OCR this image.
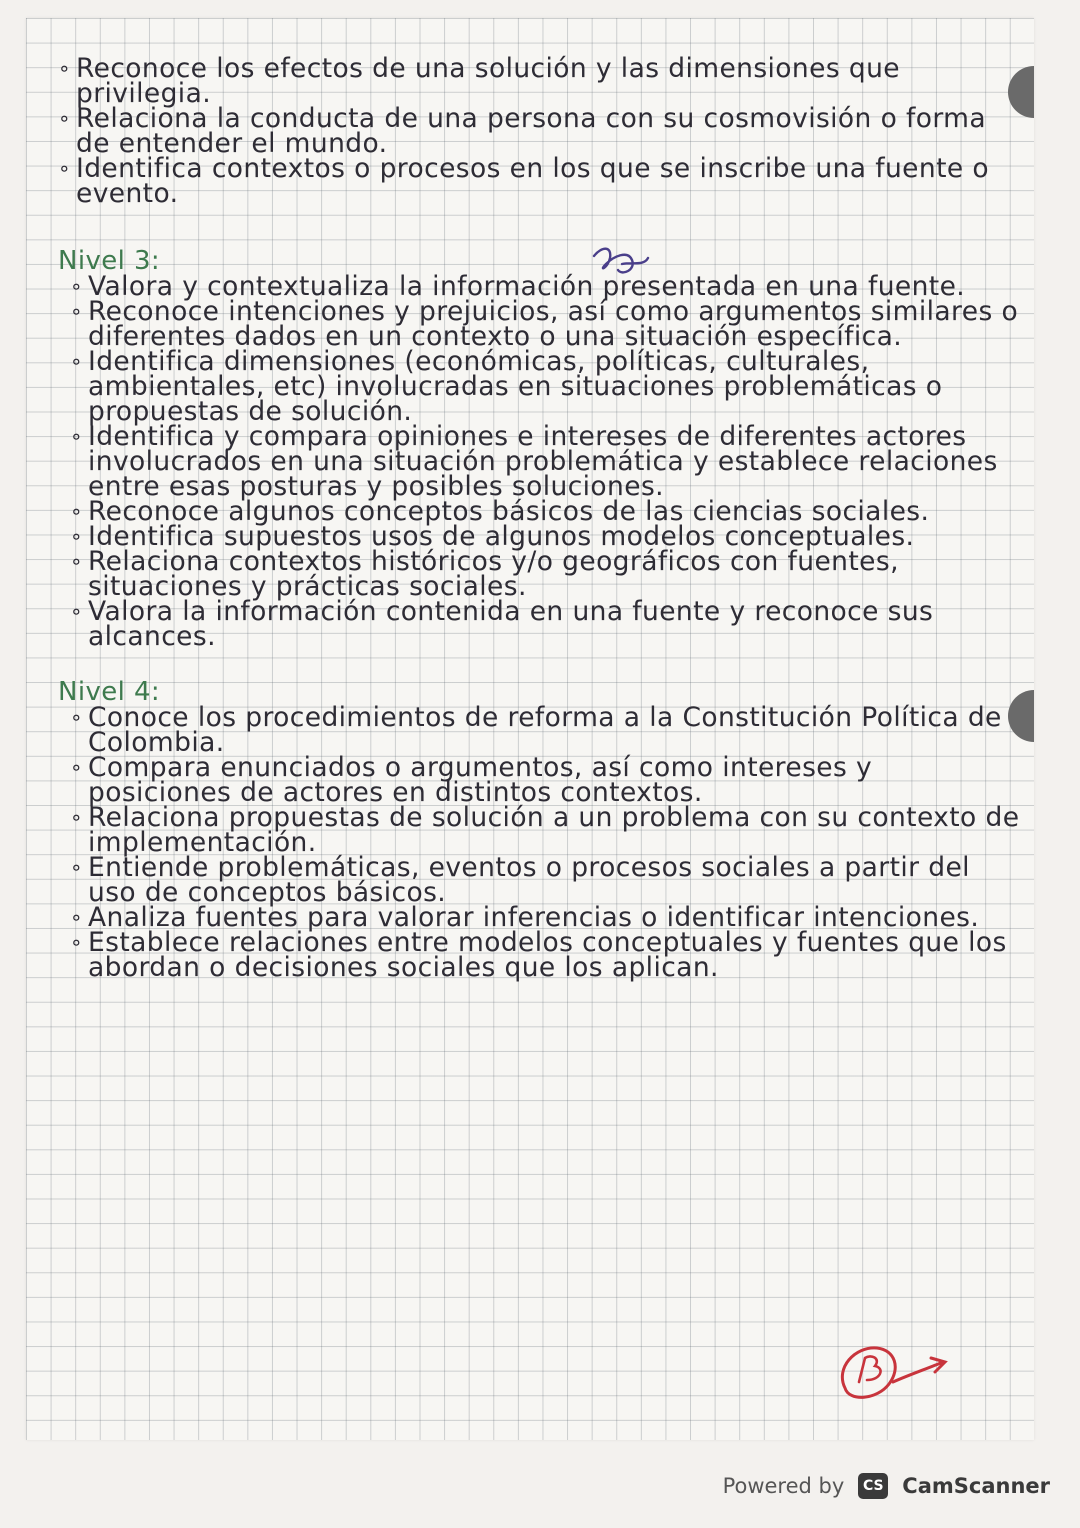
∘ Reconoce los efectos de una solución y las dimensiones que privilegia.

∘ Relaciona la conducta de una persona con su cosmovisión o forma de entender el mundo.

∘ Identifica contextos o procesos en los que se inscribe una fuente o evento.

Nivel 3:

∘ Valora y contextualiza la información presentada en una fuente.

∘ Reconoce intenciones y prejuicios, así como argumentos similares o diferentes dados en un contexto o una situación específica.

∘ Identifica dimensiones (económicas, políticas, culturales, ambientales, etc) involucradas en situaciones problemáticas o propuestas de solución.

∘ Identifica y compara opiniones e intereses de diferentes actores involucrados en una situación problemática y establece relaciones entre esas posturas y posibles soluciones.

∘ Reconoce algunos conceptos básicos de las ciencias sociales.

∘ Identifica supuestos usos de algunos modelos conceptuales.

∘ Relaciona contextos históricos y/o geográficos con fuentes, situaciones y prácticas sociales.

∘ Valora la información contenida en una fuente y reconoce sus alcances.

Nivel 4:

∘ Conoce los procedimientos de reforma a la Constitución Política de Colombia.

∘ Compara enunciados o argumentos, así como intereses y posiciones de actores en distintos contextos.

∘ Relaciona propuestas de solución a un problema con su contexto de implementación.

∘ Entiende problemáticas, eventos o procesos sociales a partir del uso de conceptos básicos.

∘ Analiza fuentes para valorar inferencias o identificar intenciones.

∘ Establece relaciones entre modelos conceptuales y fuentes que los abordan o decisiones sociales que los aplican.

Powered by	CS CamScanner
